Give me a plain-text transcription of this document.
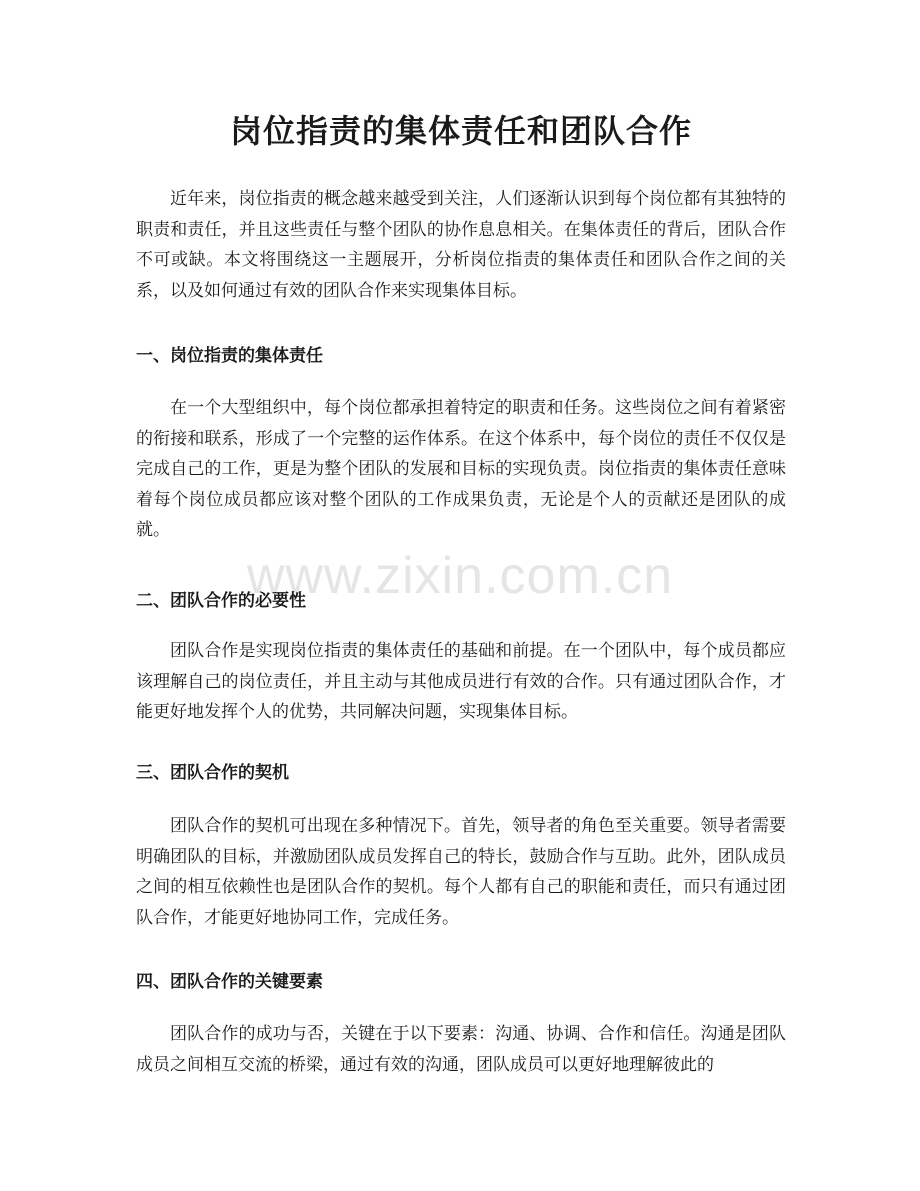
www.zixin.com.cn
岗位指责的集体责任和团队合作

近年来，岗位指责的概念越来越受到关注，人们逐渐认识到每个岗位都有其独特的职责和责任，并且这些责任与整个团队的协作息息相关。在集体责任的背后，团队合作不可或缺。本文将围绕这一主题展开，分析岗位指责的集体责任和团队合作之间的关系，以及如何通过有效的团队合作来实现集体目标。

一、岗位指责的集体责任

在一个大型组织中，每个岗位都承担着特定的职责和任务。这些岗位之间有着紧密的衔接和联系，形成了一个完整的运作体系。在这个体系中，每个岗位的责任不仅仅是完成自己的工作，更是为整个团队的发展和目标的实现负责。岗位指责的集体责任意味着每个岗位成员都应该对整个团队的工作成果负责，无论是个人的贡献还是团队的成就。

二、团队合作的必要性

团队合作是实现岗位指责的集体责任的基础和前提。在一个团队中，每个成员都应该理解自己的岗位责任，并且主动与其他成员进行有效的合作。只有通过团队合作，才能更好地发挥个人的优势，共同解决问题，实现集体目标。

三、团队合作的契机

团队合作的契机可出现在多种情况下。首先，领导者的角色至关重要。领导者需要明确团队的目标，并激励团队成员发挥自己的特长，鼓励合作与互助。此外，团队成员之间的相互依赖性也是团队合作的契机。每个人都有自己的职能和责任，而只有通过团队合作，才能更好地协同工作，完成任务。

四、团队合作的关键要素

团队合作的成功与否，关键在于以下要素：沟通、协调、合作和信任。沟通是团队成员之间相互交流的桥梁，通过有效的沟通，团队成员可以更好地理解彼此的
